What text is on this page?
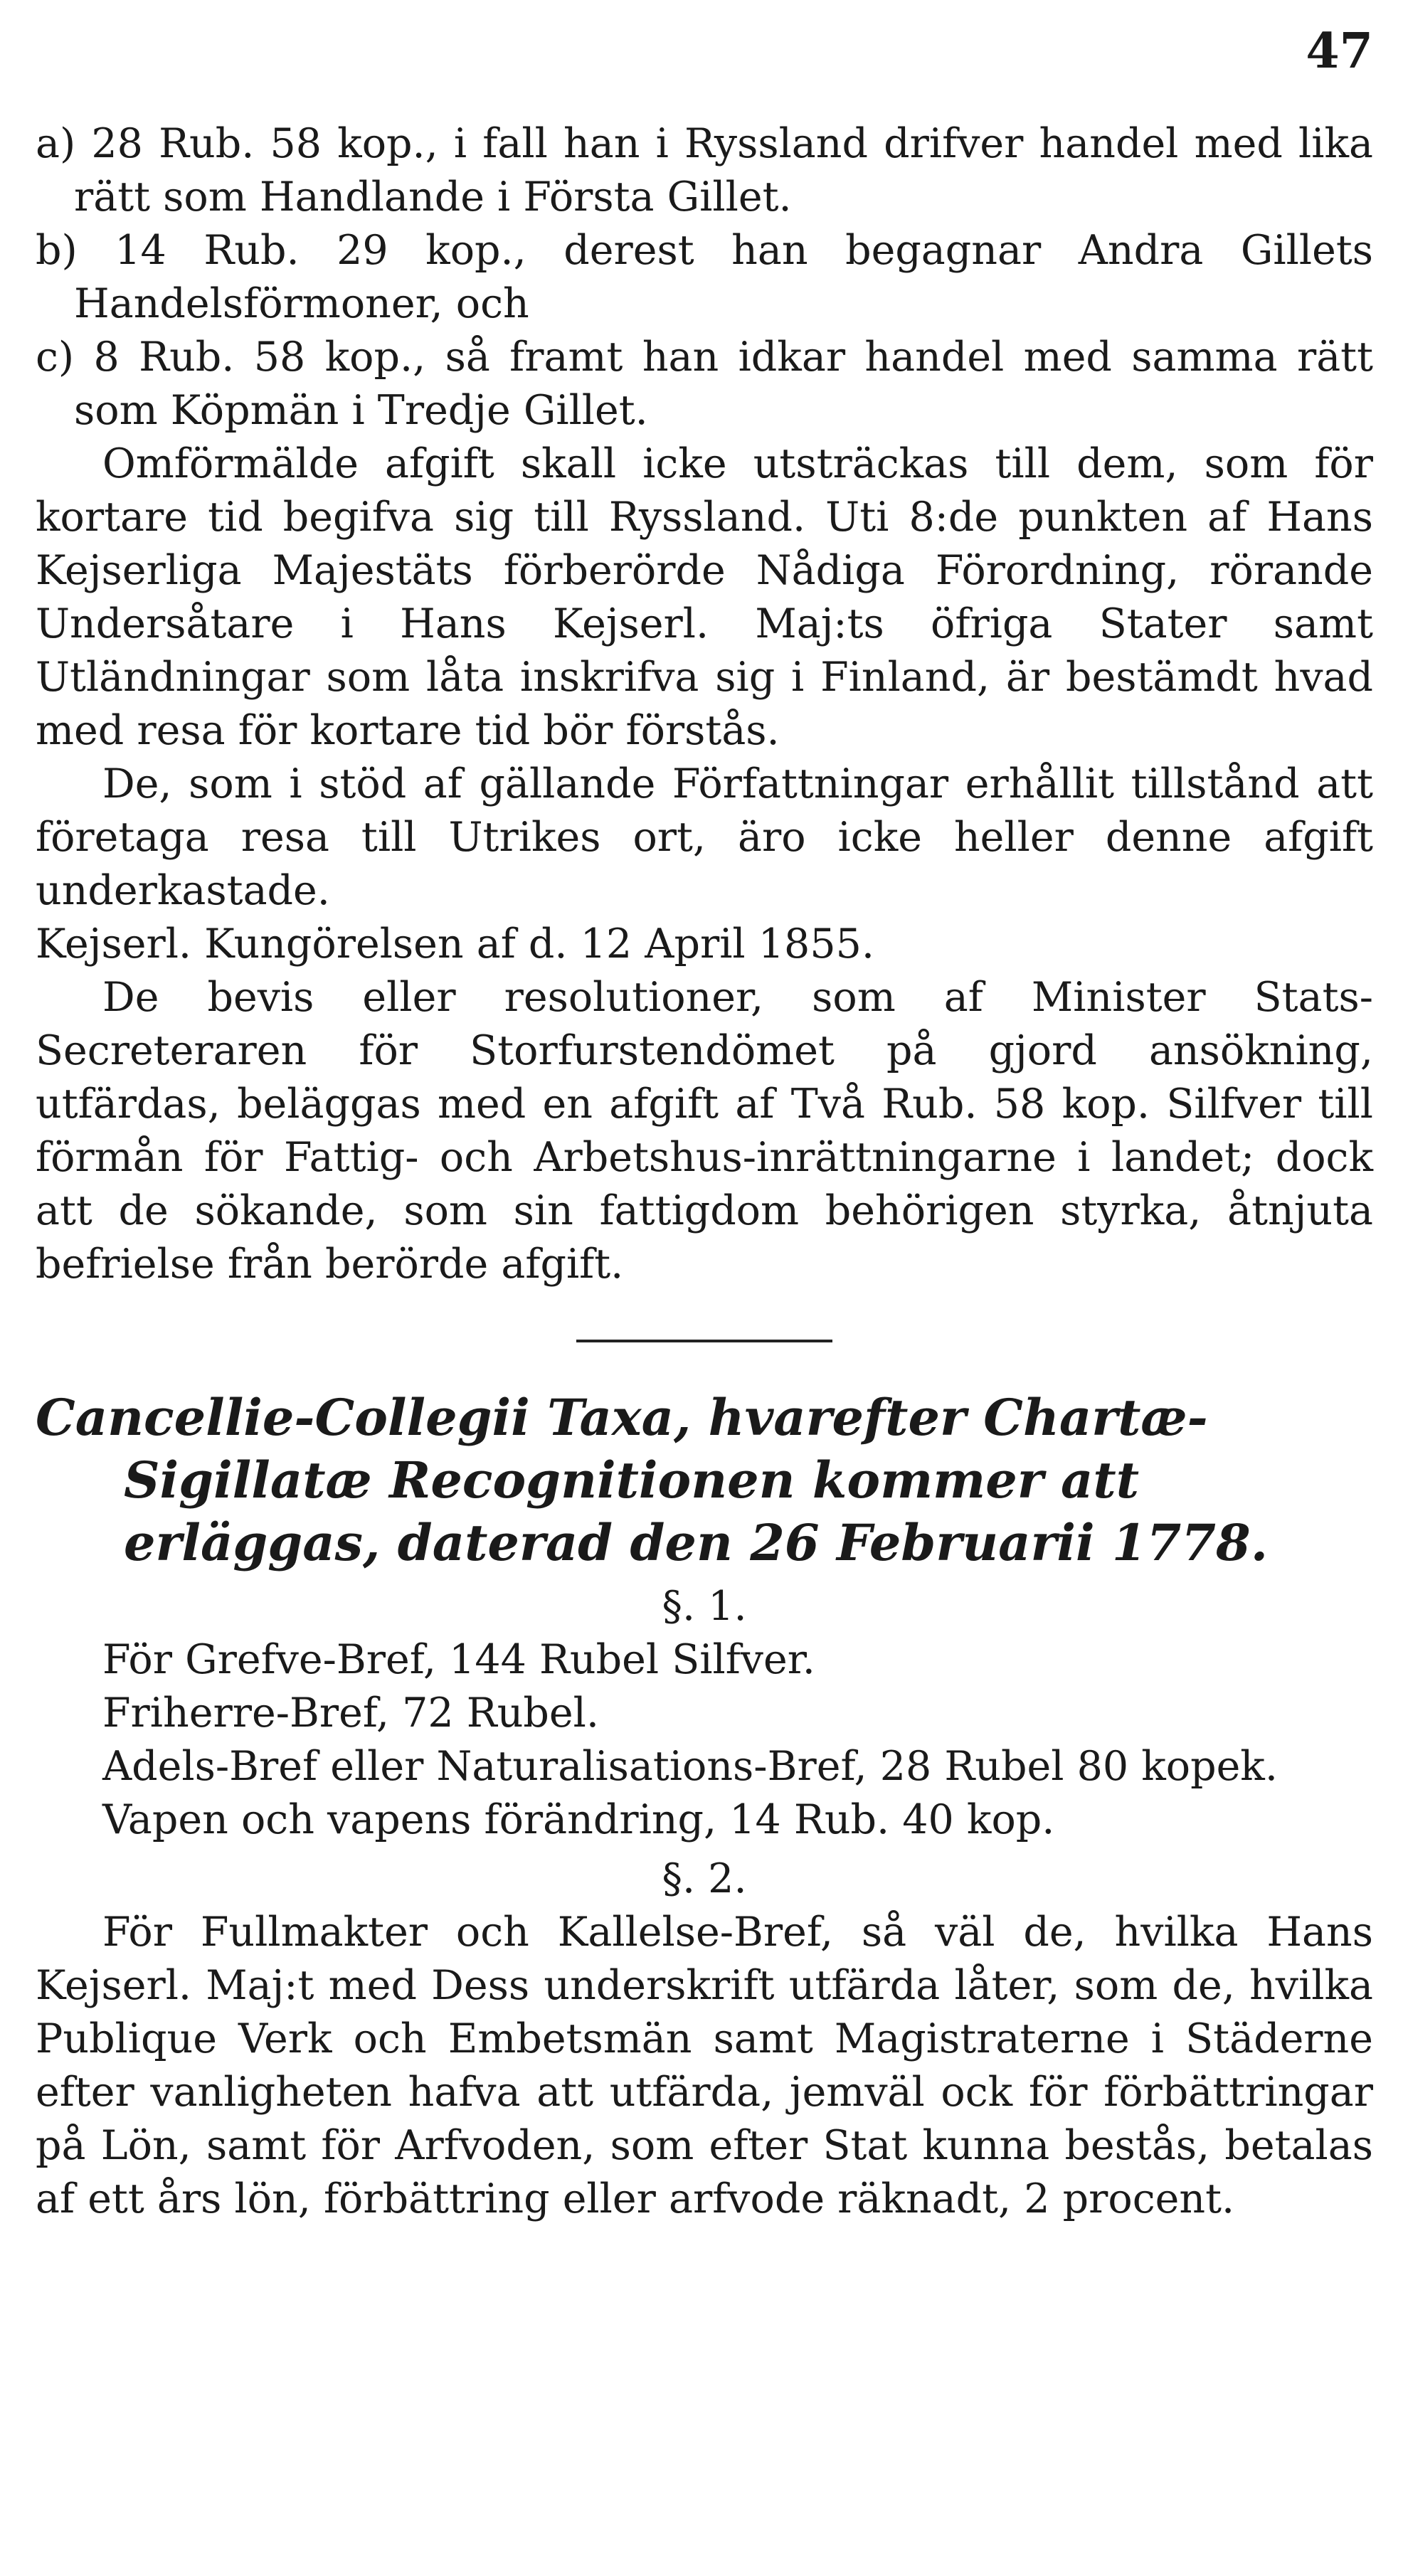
47

a) 28 Rub. 58 kop., i fall han i Ryssland drifver handel med lika rätt som Handlande i Första Gillet.

b) 14 Rub. 29 kop., derest han begagnar Andra Gillets Handelsförmoner, och

c) 8 Rub. 58 kop., så framt han idkar handel med samma rätt som Köpmän i Tredje Gillet.

Omförmälde afgift skall icke utsträckas till dem, som för kortare tid begifva sig till Ryssland. Uti 8:de punkten af Hans Kejserliga Majestäts förberörde Nådiga Förordning, rörande Undersåtare i Hans Kejserl. Maj:ts öfriga Stater samt Utländningar som låta inskrifva sig i Finland, är bestämdt hvad med resa för kortare tid bör förstås.

De, som i stöd af gällande Författningar erhållit tillstånd att företaga resa till Utrikes ort, äro icke heller denne afgift underkastade.

Kejserl. Kungörelsen af d. 12 April 1855.

De bevis eller resolutioner, som af Minister Stats-Secreteraren för Storfurstendömet på gjord ansökning, utfärdas, beläggas med en afgift af Två Rub. 58 kop. Silfver till förmån för Fattig- och Arbetshus-inrättningarne i landet; dock att de sökande, som sin fattigdom behörigen styrka, åtnjuta befrielse från berörde afgift.

Cancellie-Collegii Taxa, hvarefter Chartæ-Sigillatæ Recognitionen kommer att erläggas, daterad den 26 Februarii 1778.

§. 1.

För Grefve-Bref, 144 Rubel Silfver.

Friherre-Bref, 72 Rubel.

Adels-Bref eller Naturalisations-Bref, 28 Rubel 80 kopek.

Vapen och vapens förändring, 14 Rub. 40 kop.

§. 2.

För Fullmakter och Kallelse-Bref, så väl de, hvilka Hans Kejserl. Maj:t med Dess underskrift utfärda låter, som de, hvilka Publique Verk och Embetsmän samt Magistraterne i Städerne efter vanligheten hafva att utfärda, jemväl ock för förbättringar på Lön, samt för Arfvoden, som efter Stat kunna bestås, betalas af ett års lön, förbättring eller arfvode räknadt, 2 procent.
